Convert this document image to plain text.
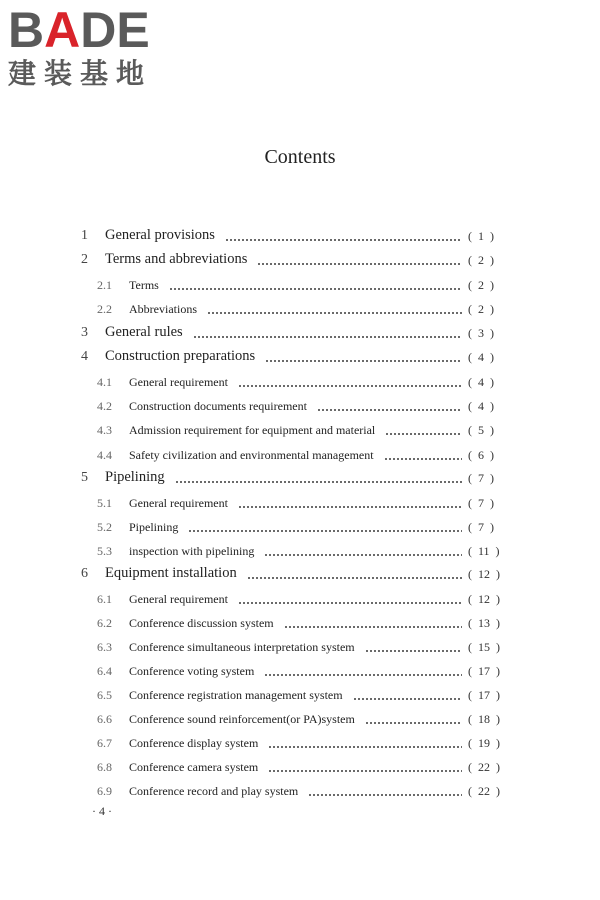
BADE
建装基地
Contents
1 General provisions	( 1 )
2 Terms and abbreviations	( 2 )
2.1 Terms	( 2 )
2.2 Abbreviations	( 2 )
3 General rules	( 3 )
4 Construction preparations	( 4 )
4.1 General requirement	( 4 )
4.2 Construction documents requirement	( 4 )
4.3 Admission requirement for equipment and material	( 5 )
4.4 Safety civilization and environmental management	( 6 )
5 Pipelining	( 7 )
5.1 General requirement	( 7 )
5.2 Pipelining	( 7 )
5.3 inspection with pipelining	( 11 )
6 Equipment installation	( 12 )
6.1 General requirement	( 12 )
6.2 Conference discussion system	( 13 )
6.3 Conference simultaneous interpretation system	( 15 )
6.4 Conference voting system	( 17 )
6.5 Conference registration management system	( 17 )
6.6 Conference sound reinforcement(or PA)system	( 18 )
6.7 Conference display system	( 19 )
6.8 Conference camera system	( 22 )
6.9 Conference record and play system	( 22 )
· 4 ·
